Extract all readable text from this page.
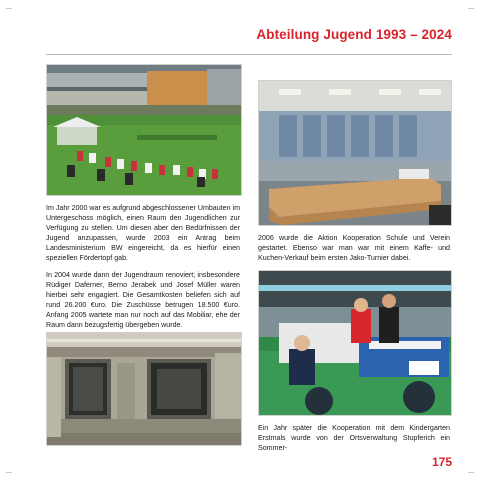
Abteilung Jugend 1993 – 2024

Im Jahr 2000 war es aufgrund abgeschlossener Umbauten im Untergeschoss möglich, einen Raum den Jugendlichen zur Verfügung zu stellen. Um diesen aber den Bedürfnissen der Jugend anzupassen, wurde 2003 ein Antrag beim Landesministerium BW eingereicht, da es hierfür einen speziellen Fördertopf gab.

In 2004 wurde dann der Jugendraum renoviert; insbesondere Rüdiger Daferner, Berno Jerabek und Josef Müller waren hierbei sehr engagiert. Die Gesamtkosten beliefen sich auf rund 26.200 €uro. Die Zuschüsse betrugen 18.500 €uro. Anfang 2005 wartete man nur noch auf das Mobiliar, ehe der Raum dann bezugsfertig übergeben wurde.

2006 wurde die Aktion Kooperation Schule und Verein gestartet. Ebenso war man war mit einem Kaffe- und Kuchen-Verkauf beim ersten Jako-Turnier dabei.

Ein Jahr später die Kooperation mit dem Kindergarten Erstmals wurde von der Ortsverwaltung Stupferich ein Sommer-

175
